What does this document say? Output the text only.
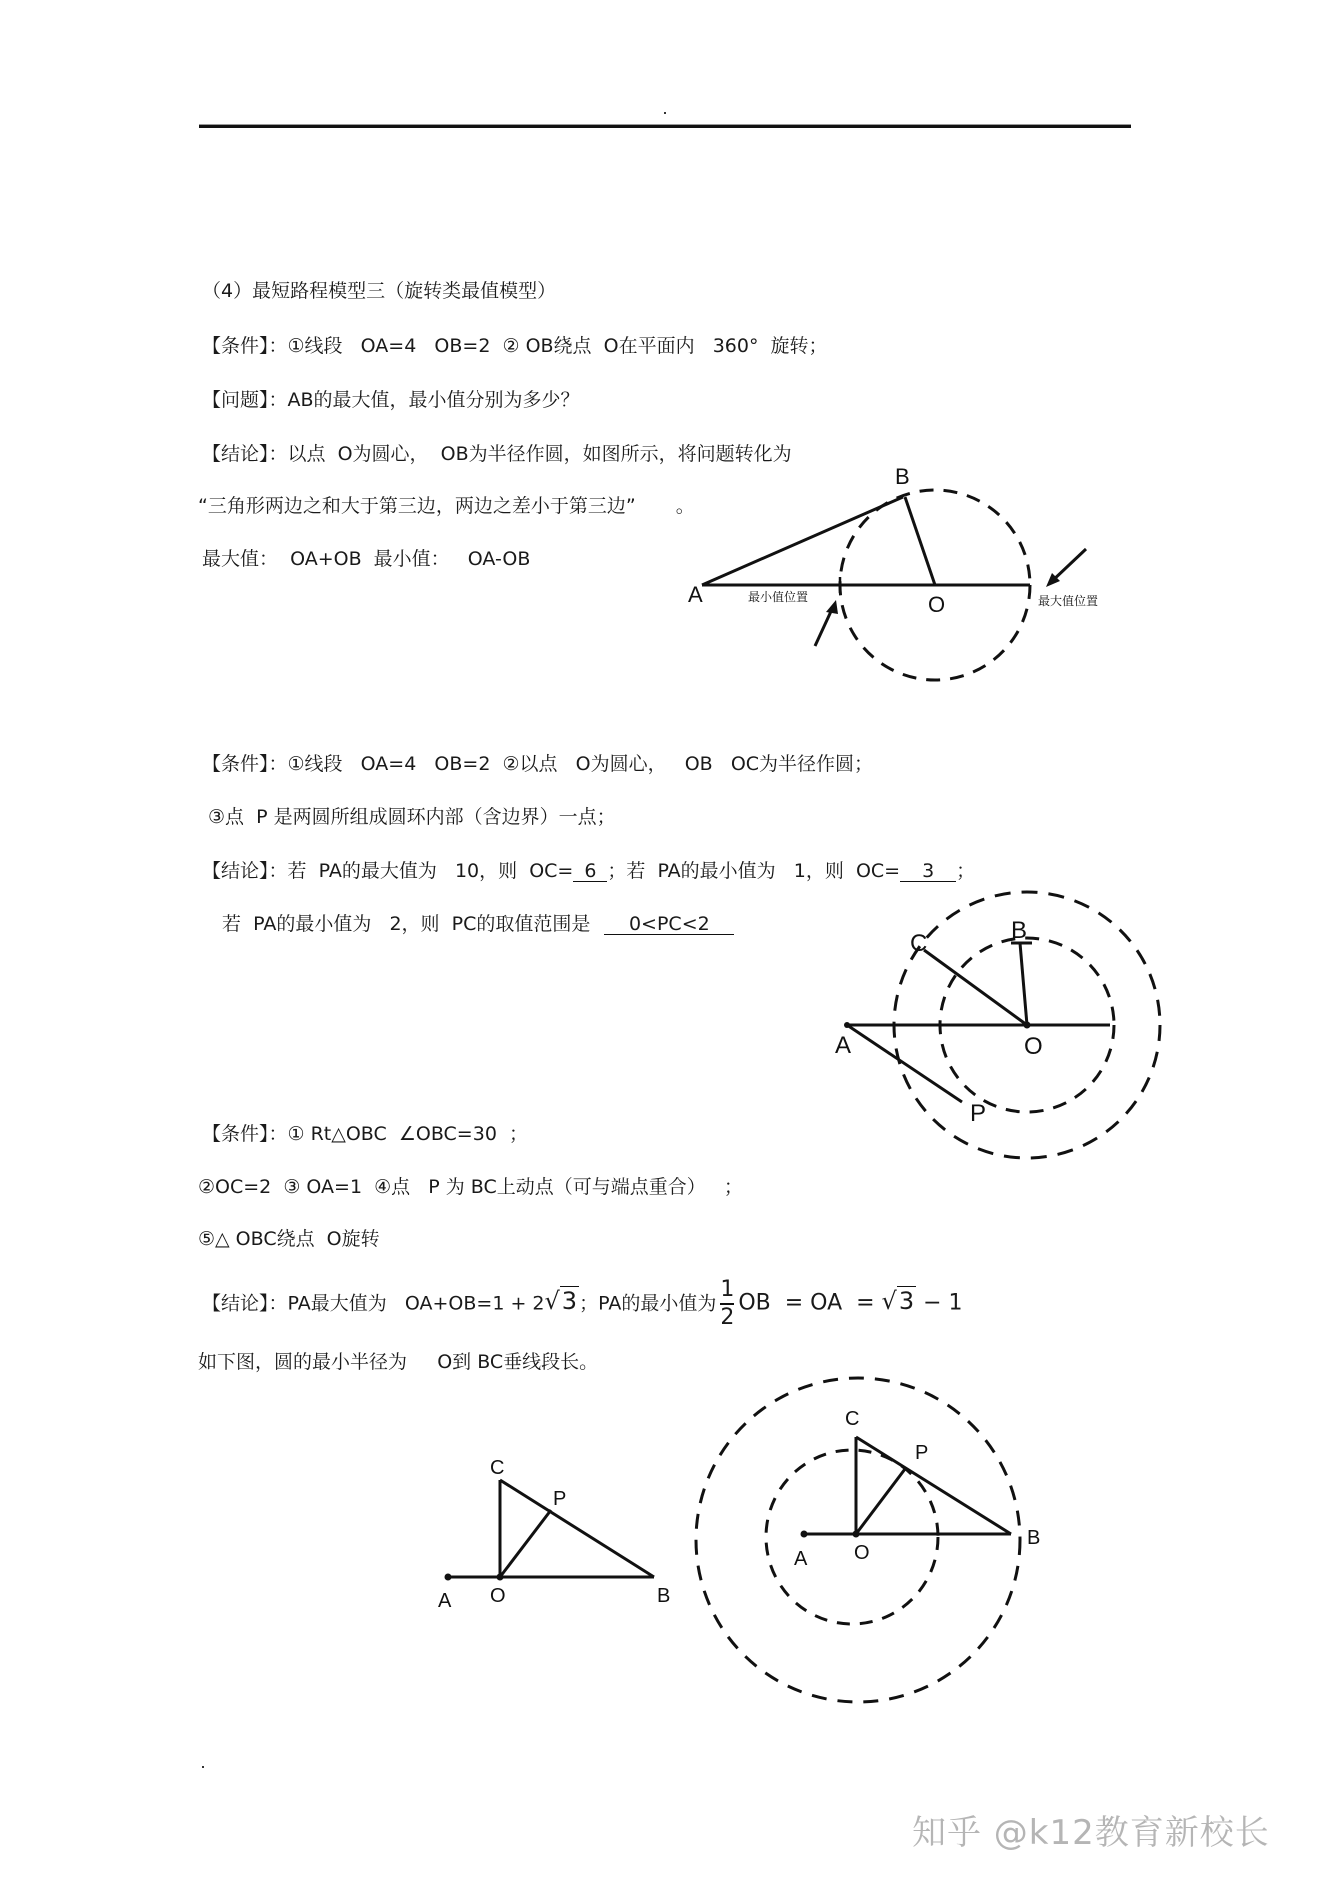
（4）最短路程模型三（旋转类最值模型）
【条件】：①线段   OA=4   OB=2  ② OB绕点  O在平面内   360°  旋转；
【问题】：AB的最大值，最小值分别为多少？
【结论】：以点  O为圆心，  OB为半径作圆，如图所示，将问题转化为
“三角形两边之和大于第三边，两边之差小于第三边” 。
最大值：  OA+OB  最小值：   OA-OB
A
B
O
最小值位置	最大值位置
【条件】：①线段   OA=4   OB=2  ②以点   O为圆心，   OB   OC为半径作圆；
③点  P 是两圆所组成圆环内部（含边界）一点；
【结论】：若  PA的最大值为   10，则  OC= 6 ；若  PA的最小值为   1，则  OC= 3 ；
若  PA的最小值为   2，则  PC的取值范围是 0<PC<2
A
B
C
O
P
【条件】：① Rt△OBC  ∠OBC=30  ；
②OC=2  ③ OA=1  ④点   P 为 BC上动点（可与端点重合）   ；
⑤△ OBC绕点  O旋转
【结论】：PA最大值为   OA+OB=1 + 2√3 ；PA的最小值为 $\frac{1}{2}$ OB  = OA  = √3 − 1
如下图，圆的最小半径为     O到 BC垂线段长。
A O	B
C
P
A O
B
C
P
知乎 @k12教育新校长
